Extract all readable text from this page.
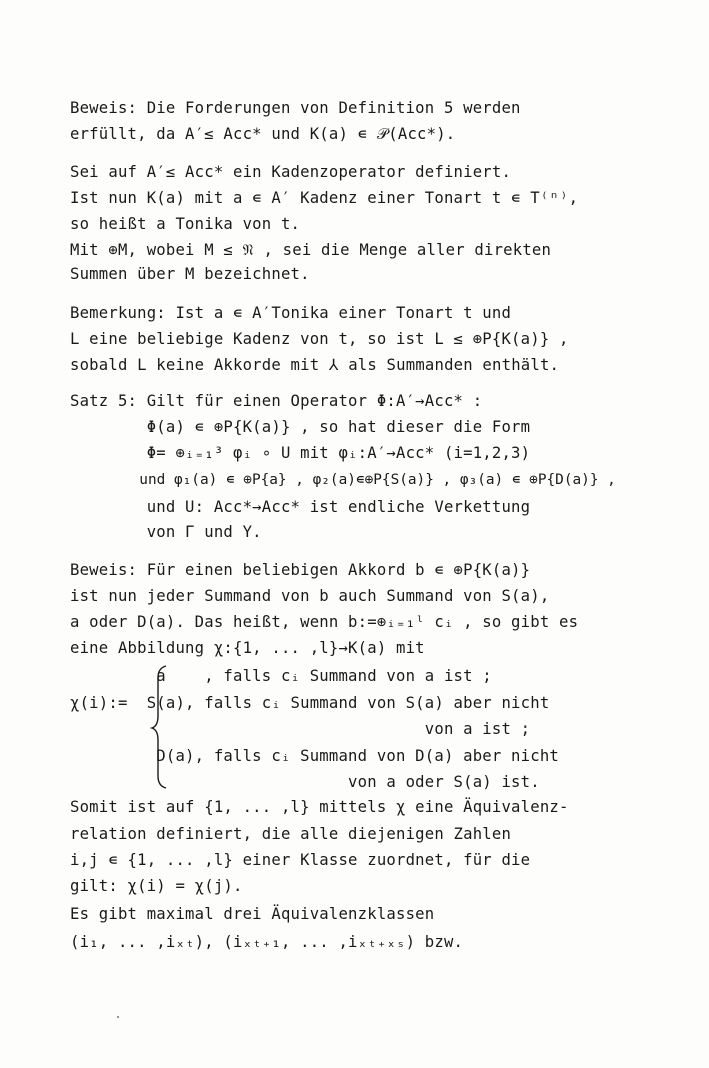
Beweis: Die Forderungen von Definition 5 werden
erfüllt, da A′≤ Acc* und K(a) ∊ 𝒫(Acc*).
Sei auf A′≤ Acc* ein Kadenzoperator definiert.
Ist nun K(a) mit a ∊ A′ Kadenz einer Tonart t ∊ T⁽ⁿ⁾,
so heißt a Tonika von t.
Mit ⊕M, wobei M ≤ 𝔑 , sei die Menge aller direkten
Summen über M bezeichnet.
Bemerkung: Ist a ∊ A′Tonika einer Tonart t und
L eine beliebige Kadenz von t, so ist L ≤ ⊕P{K(a)} ,
sobald L keine Akkorde mit ⅄ als Summanden enthält.
Satz 5: Gilt für einen Operator Φ:A′→Acc* :
Φ(a) ∊ ⊕P{K(a)} , so hat dieser die Form
Φ= ⊕ᵢ₌₁³ φᵢ ∘ U mit φᵢ:A′→Acc* (i=1,2,3)
und φ₁(a) ∊ ⊕P{a} , φ₂(a)∊⊕P{S(a)} , φ₃(a) ∊ ⊕P{D(a)} ,
und U: Acc*→Acc* ist endliche Verkettung
von Γ und Υ.
Beweis: Für einen beliebigen Akkord b ∊ ⊕P{K(a)}
ist nun jeder Summand von b auch Summand von S(a),
a oder D(a). Das heißt, wenn b:=⊕ᵢ₌₁ˡ cᵢ , so gibt es
eine Abbildung χ:{1, ... ,l}→K(a) mit
a    , falls cᵢ Summand von a ist ;
χ(i):=  S(a), falls cᵢ Summand von S(a) aber nicht
von a ist ;
D(a), falls cᵢ Summand von D(a) aber nicht
von a oder S(a) ist.
Somit ist auf {1, ... ,l} mittels χ eine Äquivalenz-
relation definiert, die alle diejenigen Zahlen
i,j ∊ {1, ... ,l} einer Klasse zuordnet, für die
gilt: χ(i) = χ(j).
Es gibt maximal drei Äquivalenzklassen
(i₁, ... ,iₓₜ), (iₓₜ₊₁, ... ,iₓₜ₊ₓₛ) bzw.
